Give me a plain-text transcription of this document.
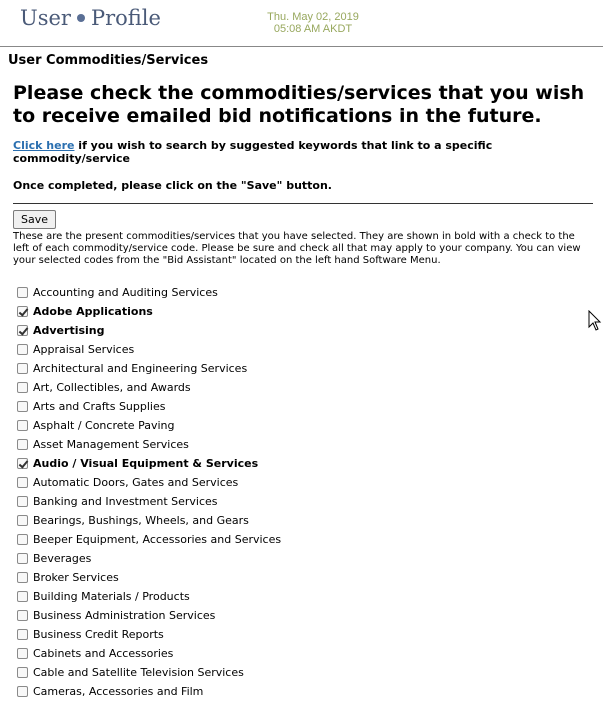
User Profile	Thu. May 02, 2019
05:08 AM AKDT
User Commodities/Services
Please check the commodities/services that you wish to receive emailed bid notifications in the future.
Click here if you wish to search by suggested keywords that link to a specific commodity/service
Once completed, please click on the "Save" button.
Save
These are the present commodities/services that you have selected. They are shown in bold with a check to the left of each commodity/service code. Please be sure and check all that may apply to your company. You can view your selected codes from the "Bid Assistant" located on the left hand Software Menu.
Accounting and Auditing Services
Adobe Applications
Advertising
Appraisal Services
Architectural and Engineering Services
Art, Collectibles, and Awards
Arts and Crafts Supplies
Asphalt / Concrete Paving
Asset Management Services
Audio / Visual Equipment & Services
Automatic Doors, Gates and Services
Banking and Investment Services
Bearings, Bushings, Wheels, and Gears
Beeper Equipment, Accessories and Services
Beverages
Broker Services
Building Materials / Products
Business Administration Services
Business Credit Reports
Cabinets and Accessories
Cable and Satellite Television Services
Cameras, Accessories and Film
